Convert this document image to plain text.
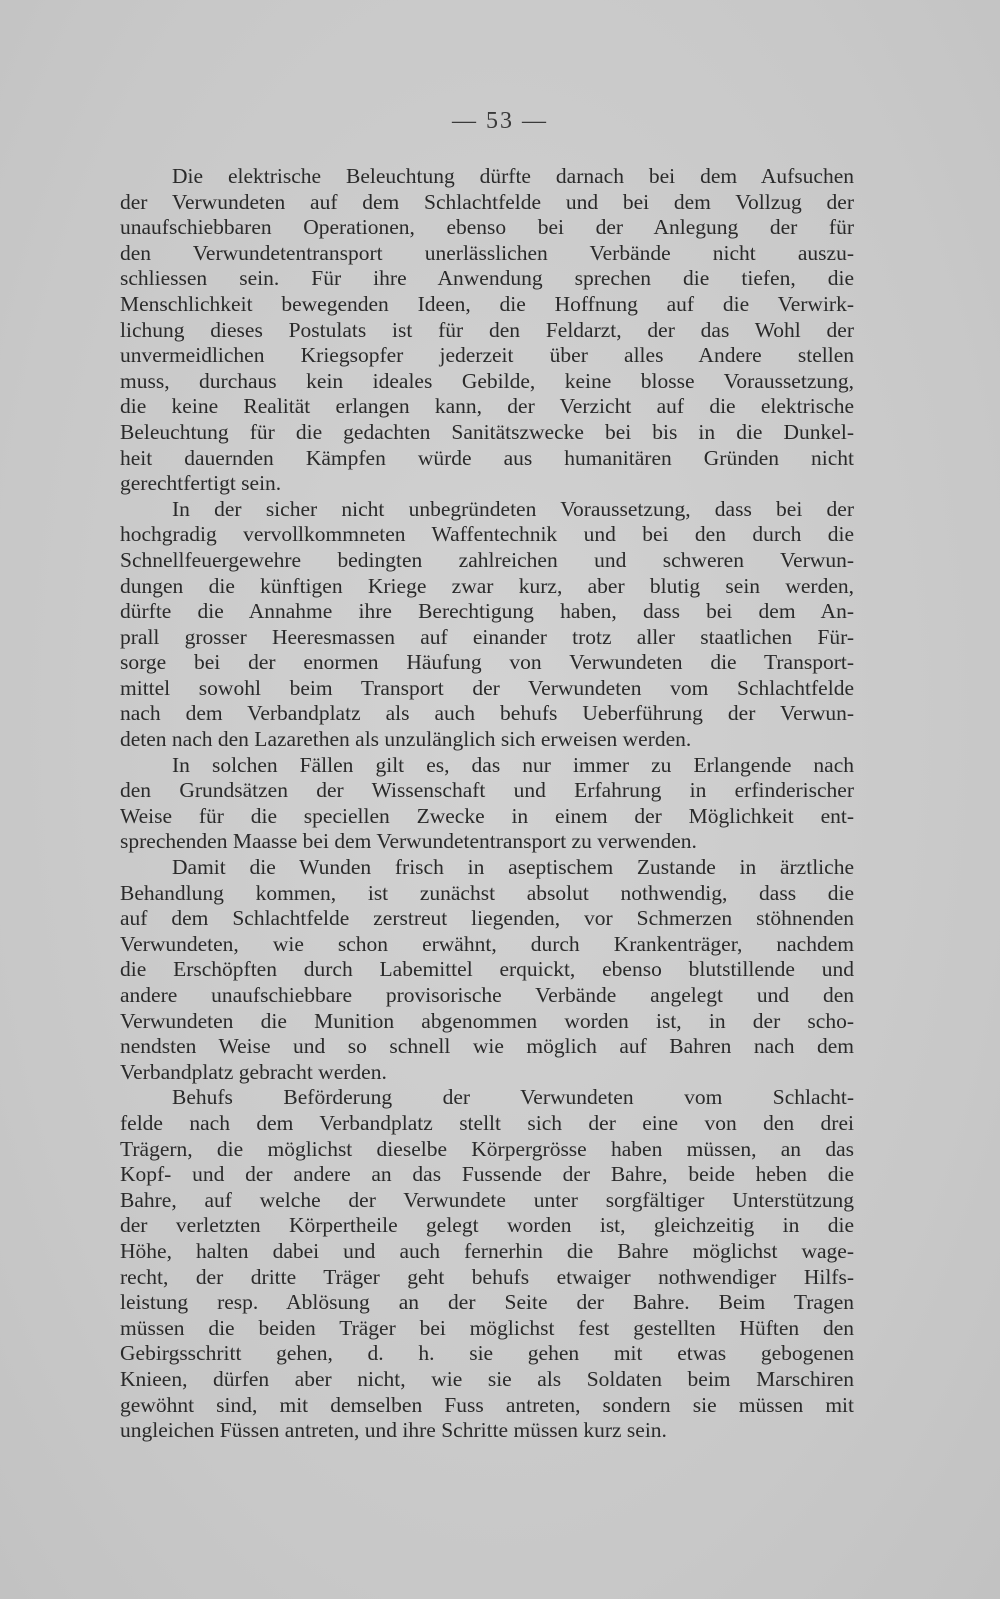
— 53 —
Die elektrische Beleuchtung dürfte darnach bei dem Aufsuchen
der Verwundeten auf dem Schlachtfelde und bei dem Vollzug der
unaufschiebbaren Operationen, ebenso bei der Anlegung der für
den Verwundetentransport unerlässlichen Verbände nicht auszu-
schliessen sein. Für ihre Anwendung sprechen die tiefen, die
Menschlichkeit bewegenden Ideen, die Hoffnung auf die Verwirk-
lichung dieses Postulats ist für den Feldarzt, der das Wohl der
unvermeidlichen Kriegsopfer jederzeit über alles Andere stellen
muss, durchaus kein ideales Gebilde, keine blosse Voraussetzung,
die keine Realität erlangen kann, der Verzicht auf die elektrische
Beleuchtung für die gedachten Sanitätszwecke bei bis in die Dunkel-
heit dauernden Kämpfen würde aus humanitären Gründen nicht
gerechtfertigt sein.
In der sicher nicht unbegründeten Voraussetzung, dass bei der
hochgradig vervollkommneten Waffentechnik und bei den durch die
Schnellfeuergewehre bedingten zahlreichen und schweren Verwun-
dungen die künftigen Kriege zwar kurz, aber blutig sein werden,
dürfte die Annahme ihre Berechtigung haben, dass bei dem An-
prall grosser Heeresmassen auf einander trotz aller staatlichen Für-
sorge bei der enormen Häufung von Verwundeten die Transport-
mittel sowohl beim Transport der Verwundeten vom Schlachtfelde
nach dem Verbandplatz als auch behufs Ueberführung der Verwun-
deten nach den Lazarethen als unzulänglich sich erweisen werden.
In solchen Fällen gilt es, das nur immer zu Erlangende nach
den Grundsätzen der Wissenschaft und Erfahrung in erfinderischer
Weise für die speciellen Zwecke in einem der Möglichkeit ent-
sprechenden Maasse bei dem Verwundetentransport zu verwenden.
Damit die Wunden frisch in aseptischem Zustande in ärztliche
Behandlung kommen, ist zunächst absolut nothwendig, dass die
auf dem Schlachtfelde zerstreut liegenden, vor Schmerzen stöhnenden
Verwundeten, wie schon erwähnt, durch Krankenträger, nachdem
die Erschöpften durch Labemittel erquickt, ebenso blutstillende und
andere unaufschiebbare provisorische Verbände angelegt und den
Verwundeten die Munition abgenommen worden ist, in der scho-
nendsten Weise und so schnell wie möglich auf Bahren nach dem
Verbandplatz gebracht werden.
Behufs Beförderung der Verwundeten vom Schlacht-
felde nach dem Verbandplatz stellt sich der eine von den drei
Trägern, die möglichst dieselbe Körpergrösse haben müssen, an das
Kopf- und der andere an das Fussende der Bahre, beide heben die
Bahre, auf welche der Verwundete unter sorgfältiger Unterstützung
der verletzten Körpertheile gelegt worden ist, gleichzeitig in die
Höhe, halten dabei und auch fernerhin die Bahre möglichst wage-
recht, der dritte Träger geht behufs etwaiger nothwendiger Hilfs-
leistung resp. Ablösung an der Seite der Bahre. Beim Tragen
müssen die beiden Träger bei möglichst fest gestellten Hüften den
Gebirgsschritt gehen, d. h. sie gehen mit etwas gebogenen
Knieen, dürfen aber nicht, wie sie als Soldaten beim Marschiren
gewöhnt sind, mit demselben Fuss antreten, sondern sie müssen mit
ungleichen Füssen antreten, und ihre Schritte müssen kurz sein.
